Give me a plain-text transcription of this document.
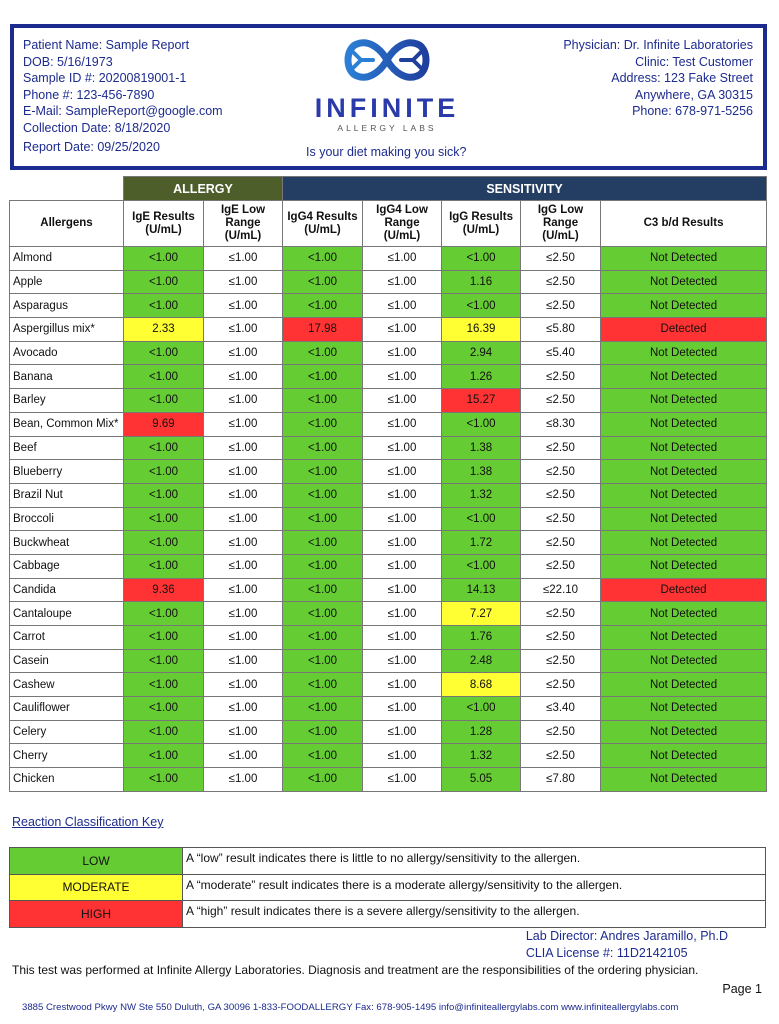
Patient Name: Sample Report
DOB: 5/16/1973
Sample ID #: 20200819001-1
Phone #: 123-456-7890
E-Mail: SampleReport@google.com
Collection Date: 8/18/2020
Report Date: 09/25/2020
INFINITE
ALLERGY LABS
Is your diet making you sick?
Physician: Dr. Infinite Laboratories
Clinic: Test Customer
Address: 123 Fake Street
Anywhere, GA 30315
Phone: 678-971-5256
	ALLERGY		SENSITIVITY				
Allergens	IgE Results (U/mL)	IgE Low Range (U/mL)	IgG4 Results (U/mL)	IgG4 Low Range (U/mL)	IgG Results (U/mL)	IgG Low Range (U/mL)	C3 b/d Results
Almond	<1.00	≤1.00	<1.00	≤1.00	<1.00	≤2.50	Not Detected
Apple	<1.00	≤1.00	<1.00	≤1.00	1.16	≤2.50	Not Detected
Asparagus	<1.00	≤1.00	<1.00	≤1.00	<1.00	≤2.50	Not Detected
Aspergillus mix*	2.33	≤1.00	17.98	≤1.00	16.39	≤5.80	Detected
Avocado	<1.00	≤1.00	<1.00	≤1.00	2.94	≤5.40	Not Detected
Banana	<1.00	≤1.00	<1.00	≤1.00	1.26	≤2.50	Not Detected
Barley	<1.00	≤1.00	<1.00	≤1.00	15.27	≤2.50	Not Detected
Bean, Common Mix*	9.69	≤1.00	<1.00	≤1.00	<1.00	≤8.30	Not Detected
Beef	<1.00	≤1.00	<1.00	≤1.00	1.38	≤2.50	Not Detected
Blueberry	<1.00	≤1.00	<1.00	≤1.00	1.38	≤2.50	Not Detected
Brazil Nut	<1.00	≤1.00	<1.00	≤1.00	1.32	≤2.50	Not Detected
Broccoli	<1.00	≤1.00	<1.00	≤1.00	<1.00	≤2.50	Not Detected
Buckwheat	<1.00	≤1.00	<1.00	≤1.00	1.72	≤2.50	Not Detected
Cabbage	<1.00	≤1.00	<1.00	≤1.00	<1.00	≤2.50	Not Detected
Candida	9.36	≤1.00	<1.00	≤1.00	14.13	≤22.10	Detected
Cantaloupe	<1.00	≤1.00	<1.00	≤1.00	7.27	≤2.50	Not Detected
Carrot	<1.00	≤1.00	<1.00	≤1.00	1.76	≤2.50	Not Detected
Casein	<1.00	≤1.00	<1.00	≤1.00	2.48	≤2.50	Not Detected
Cashew	<1.00	≤1.00	<1.00	≤1.00	8.68	≤2.50	Not Detected
Cauliflower	<1.00	≤1.00	<1.00	≤1.00	<1.00	≤3.40	Not Detected
Celery	<1.00	≤1.00	<1.00	≤1.00	1.28	≤2.50	Not Detected
Cherry	<1.00	≤1.00	<1.00	≤1.00	1.32	≤2.50	Not Detected
Chicken	<1.00	≤1.00	<1.00	≤1.00	5.05	≤7.80	Not Detected
Reaction Classification Key
LOW	A “low” result indicates there is little to no allergy/sensitivity to the allergen.
MODERATE	A “moderate” result indicates there is a moderate allergy/sensitivity to the allergen.
HIGH	A “high” result indicates there is a severe allergy/sensitivity to the allergen.
Lab Director: Andres Jaramillo, Ph.D
CLIA License #: 11D2142105
This test was performed at Infinite Allergy Laboratories. Diagnosis and treatment are the responsibilities of the ordering physician.
Page 1
3885 Crestwood Pkwy NW Ste 550 Duluth, GA 30096 1-833-FOODALLERGY Fax: 678-905-1495 info@infiniteallergylabs.com www.infiniteallergylabs.com
